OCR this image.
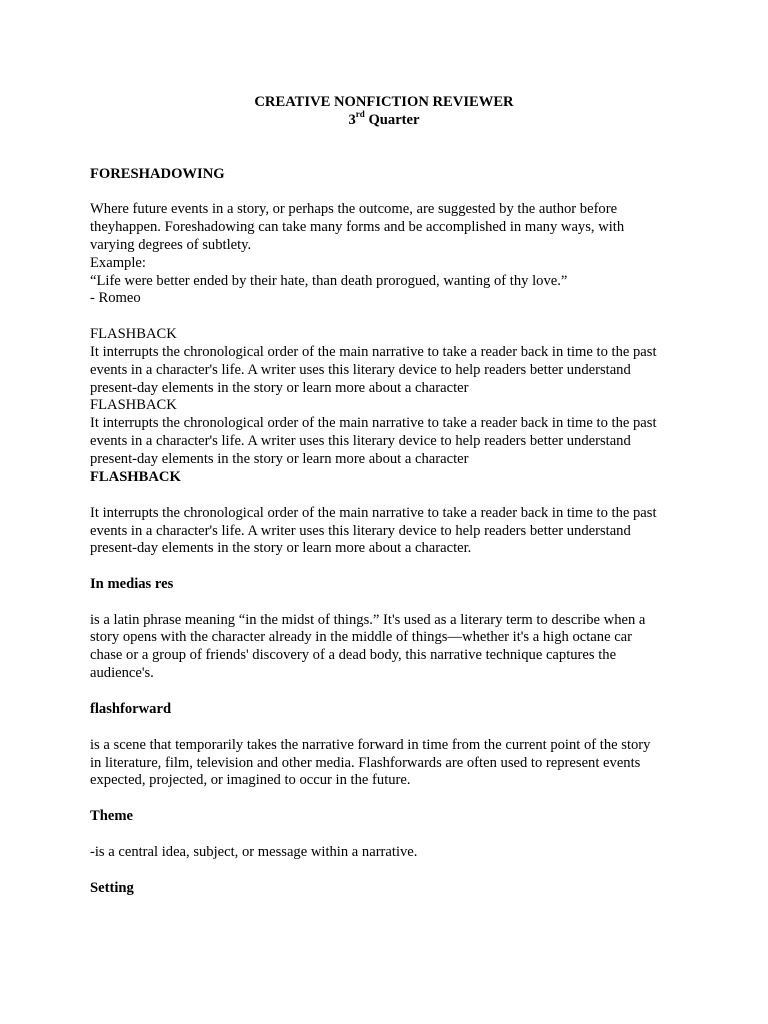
CREATIVE NONFICTION REVIEWER
3rd Quarter
FORESHADOWING
Where future events in a story, or perhaps the outcome, are suggested by the author before
theyhappen. Foreshadowing can take many forms and be accomplished in many ways, with
varying degrees of subtlety.
Example:
“Life were better ended by their hate, than death prorogued, wanting of thy love.”
- Romeo
FLASHBACK
It interrupts the chronological order of the main narrative to take a reader back in time to the past
events in a character's life. A writer uses this literary device to help readers better understand
present-day elements in the story or learn more about a character
FLASHBACK
It interrupts the chronological order of the main narrative to take a reader back in time to the past
events in a character's life. A writer uses this literary device to help readers better understand
present-day elements in the story or learn more about a character
FLASHBACK
It interrupts the chronological order of the main narrative to take a reader back in time to the past
events in a character's life. A writer uses this literary device to help readers better understand
present-day elements in the story or learn more about a character.
In medias res
is a latin phrase meaning “in the midst of things.” It's used as a literary term to describe when a
story opens with the character already in the middle of things—whether it's a high octane car
chase or a group of friends' discovery of a dead body, this narrative technique captures the
audience's.
flashforward
is a scene that temporarily takes the narrative forward in time from the current point of the story
in literature, film, television and other media. Flashforwards are often used to represent events
expected, projected, or imagined to occur in the future.
Theme
-is a central idea, subject, or message within a narrative.
Setting
